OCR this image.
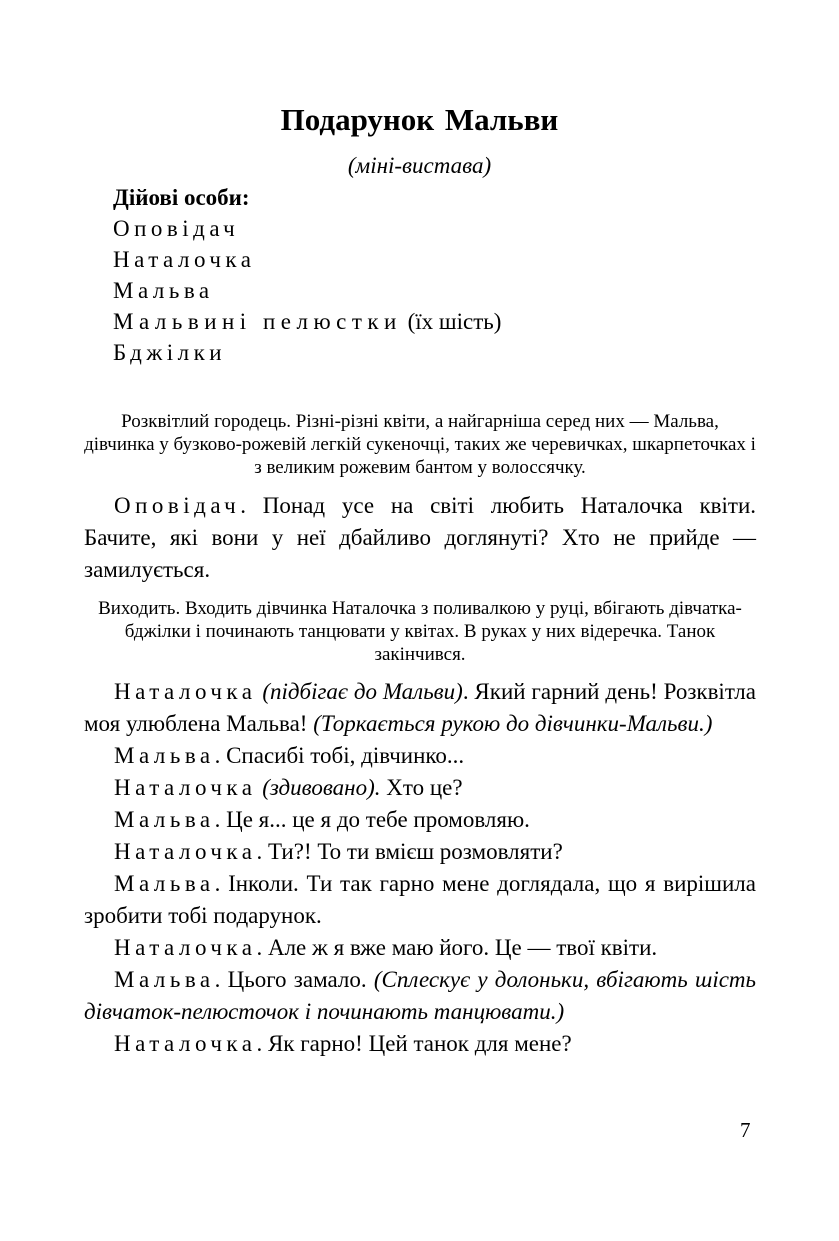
Подарунок Мальви
(міні-вистава)
Дійові особи:
Оповідач
Наталочка
Мальва
Мальвині пелюстки (їх шість)
Бджілки
Розквітлий городець. Різні-різні квіти, а найгарніша серед них — Мальва, дівчинка у бузково-рожевій легкій сукеночці, таких же черевичках, шкарпеточках і з великим рожевим бантом у волоссячку.

Оповідач. Понад усе на світі любить Наталочка квіти. Бачите, які вони у неї дбайливо доглянуті? Хто не прийде — замилується.

Виходить. Входить дівчинка Наталочка з поливалкою у руці, вбігають дівчатка-бджілки і починають танцювати у квітах. В руках у них відеречка. Танок закінчився.

Наталочка (підбігає до Мальви). Який гарний день! Розквітла моя улюблена Мальва! (Торкається рукою до дівчинки-Мальви.)

Мальва. Спасибі тобі, дівчинко...

Наталочка (здивовано). Хто це?

Мальва. Це я... це я до тебе промовляю.

Наталочка. Ти?! То ти вмієш розмовляти?

Мальва. Інколи. Ти так гарно мене доглядала, що я вирішила зробити тобі подарунок.

Наталочка. Але ж я вже маю його. Це — твої квіти.

Мальва. Цього замало. (Сплескує у долоньки, вбігають шість дівчаток-пелюсточок і починають танцювати.)

Наталочка. Як гарно! Цей танок для мене?

7
